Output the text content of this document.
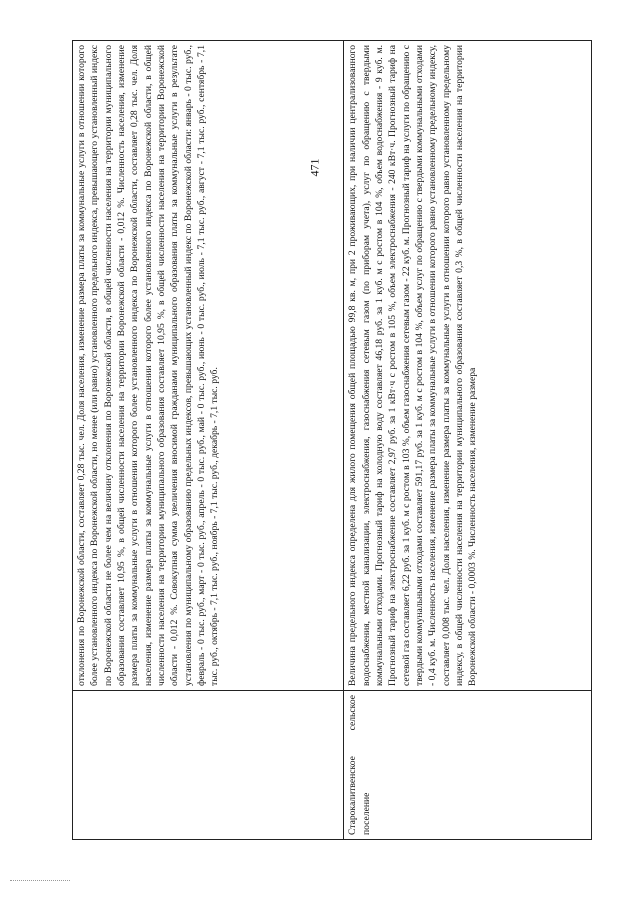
471
	отклонения по Воронежской области, составляет 0,28 тыс. чел. Доля населения, изменение размера платы за коммунальные услуги в отношении которого более установленного индекса по Воронежской области, но менее (или равно) установленного предельного индекса, превышающего установленный индекс по Воронежской области не более чем на величину отклонения по Воронежской области, в общей численности населения на территории муниципального образования составляет 10,95 %, в общей численности населения на территории Воронежской области - 0,012 %. Численность населения, изменение размера платы за коммунальные услуги в отношении которого более установленного индекса по Воронежской области, составляет 0,28 тыс. чел. Доля населения, изменение размера платы за коммунальные услуги в отношении которого более установленного индекса по Воронежской области, в общей численности населения на территории муниципального образования составляет 10,95 %, в общей численности населения на территории Воронежской области - 0,012 %. Совокупная сумма увеличения вносимой гражданами муниципального образования платы за коммунальные услуги в результате установления по муниципальному образованию предельных индексов, превышающих установленный индекс по Воронежской области: январь - 0 тыс. руб., февраль - 0 тыс. руб., март - 0 тыс. руб., апрель - 0 тыс. руб., май - 0 тыс. руб., июнь - 0 тыс. руб., июль - 7,1 тыс. руб., август - 7,1 тыс. руб., сентябрь - 7,1 тыс. руб., октябрь - 7,1 тыс. руб., ноябрь - 7,1 тыс. руб., декабрь - 7,1 тыс. руб.
Старокалитвенское сельское поселение	Величина предельного индекса определена для жилого помещения общей площадью 99,8 кв. м, при 2 проживающих, при наличии централизованного водоснабжения, местной канализации, электроснабжения, газоснабжения сетевым газом (по приборам учета), услуг по обращению с твердыми коммунальными отходами. Прогнозный тариф на холодную воду составляет 46,18 руб. за 1 куб. м с ростом в 104 %, объем водоснабжения - 9 куб. м. Прогнозный тариф на электроснабжение составляет 2,97 руб. за 1 кВт·ч с ростом в 105 %, объем электроснабжения - 240 кВт·ч. Прогнозный тариф на сетевой газ составляет 6,22 руб. за 1 куб. м с ростом в 103 %, объем газоснабжения сетевым газом - 22 куб. м. Прогнозный тариф на услуги по обращению с твердыми коммунальными отходами составляет 591,17 руб. за 1 куб. м с ростом в 104 %, объем услуг по обращению с твердыми коммунальными отходами - 0,4 куб. м. Численность населения, изменение размера платы за коммунальные услуги в отношении которого равно установленному предельному индексу, составляет 0,008 тыс. чел. Доля населения, изменение размера платы за коммунальные услуги в отношении которого равно установленному предельному индексу, в общей численности населения на территории муниципального образования составляет 0,3 %, в общей численности населения на территории Воронежской области - 0,0003 %. Численность населения, изменение размера
